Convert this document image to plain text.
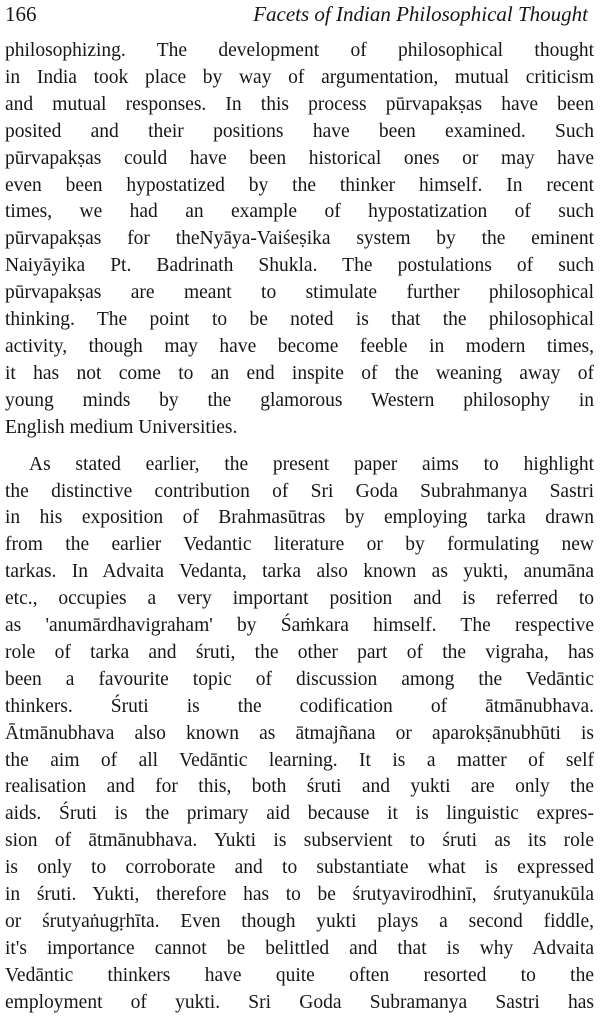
166	Facets of Indian Philosophical Thought

philosophizing. The development of philosophical thought
in India took place by way of argumentation, mutual criticism
and mutual responses. In this process pūrvapakṣas have been
posited and their positions have been examined. Such
pūrvapakṣas could have been historical ones or may have
even been hypostatized by the thinker himself. In recent
times, we had an example of hypostatization of such
pūrvapakṣas for theNyāya-Vaiśeṣika system by the eminent
Naiyāyika Pt. Badrinath Shukla. The postulations of such
pūrvapakṣas are meant to stimulate further philosophical
thinking. The point to be noted is that the philosophical
activity, though may have become feeble in modern times,
it has not come to an end inspite of the weaning away of
young minds by the glamorous Western philosophy in
English medium Universities.

As stated earlier, the present paper aims to highlight
the distinctive contribution of Sri Goda Subrahmanya Sastri
in his exposition of Brahmasūtras by employing tarka drawn
from the earlier Vedantic literature or by formulating new
tarkas. In Advaita Vedanta, tarka also known as yukti, anumāna
etc., occupies a very important position and is referred to
as 'anumārdhavigraham' by Śaṁkara himself. The respective
role of tarka and śruti, the other part of the vigraha, has
been a favourite topic of discussion among the Vedāntic
thinkers. Śruti is the codification of ātmānubhava.
Ātmānubhava also known as ātmajñana or aparokṣānubhūti is
the aim of all Vedāntic learning. It is a matter of self
realisation and for this, both śruti and yukti are only the
aids. Śruti is the primary aid because it is linguistic expres-
sion of ātmānubhava. Yukti is subservient to śruti as its role
is only to corroborate and to substantiate what is expressed
in śruti. Yukti, therefore has to be śrutyavirodhinī, śrutyanukūla
or śrutyaṅugṛhīta. Even though yukti plays a second fiddle,
it's importance cannot be belittled and that is why Advaita
Vedāntic thinkers have quite often resorted to the
employment of yukti. Sri Goda Subramanya Sastri has
